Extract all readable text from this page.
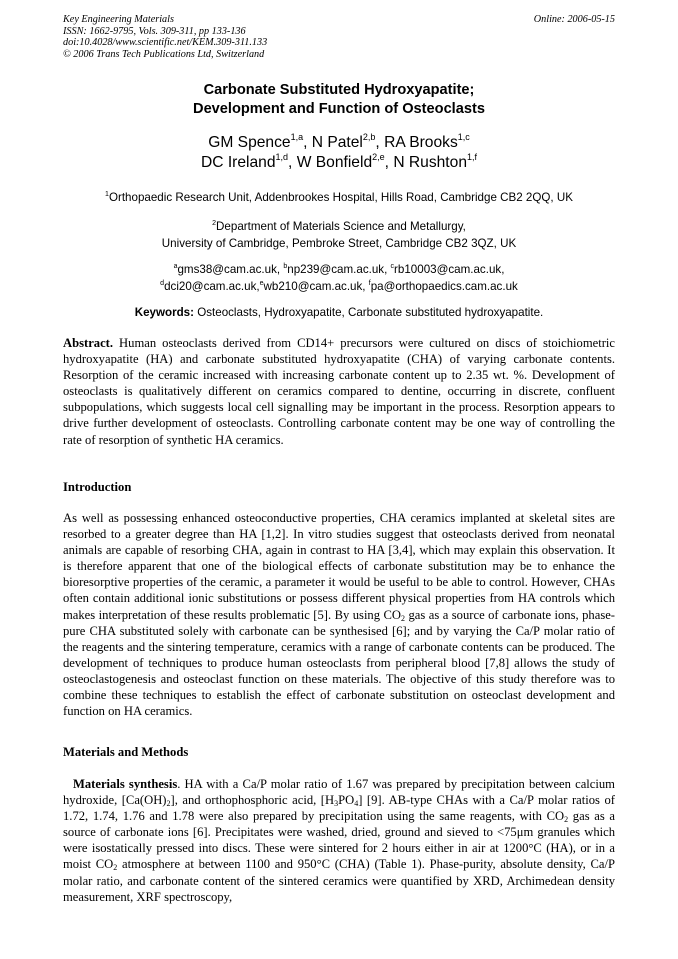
Key Engineering Materials
ISSN: 1662-9795, Vols. 309-311, pp 133-136
doi:10.4028/www.scientific.net/KEM.309-311.133
© 2006 Trans Tech Publications Ltd, Switzerland
Online: 2006-05-15
Carbonate Substituted Hydroxyapatite;
Development and Function of Osteoclasts
GM Spence$^{1,a}$, N Patel$^{2,b}$, RA Brooks$^{1,c}$
DC Ireland$^{1,d}$, W Bonfield$^{2,e}$, N Rushton$^{1,f}$
$^1$Orthopaedic Research Unit, Addenbrookes Hospital, Hills Road, Cambridge CB2 2QQ, UK
$^2$Department of Materials Science and Metallurgy,
University of Cambridge, Pembroke Street, Cambridge CB2 3QZ, UK
$^a$gms38@cam.ac.uk, $^b$np239@cam.ac.uk, $^c$rb10003@cam.ac.uk,
$^d$dci20@cam.ac.uk,$^e$wb210@cam.ac.uk, $^f$pa@orthopaedics.cam.ac.uk
Keywords: Osteoclasts, Hydroxyapatite, Carbonate substituted hydroxyapatite.
Abstract. Human osteoclasts derived from CD14+ precursors were cultured on discs of stoichiometric hydroxyapatite (HA) and carbonate substituted hydroxyapatite (CHA) of varying carbonate contents. Resorption of the ceramic increased with increasing carbonate content up to 2.35 wt. %. Development of osteoclasts is qualitatively different on ceramics compared to dentine, occurring in discrete, confluent subpopulations, which suggests local cell signalling may be important in the process. Resorption appears to drive further development of osteoclasts. Controlling carbonate content may be one way of controlling the rate of resorption of synthetic HA ceramics.
Introduction
As well as possessing enhanced osteoconductive properties, CHA ceramics implanted at skeletal sites are resorbed to a greater degree than HA [1,2]. In vitro studies suggest that osteoclasts derived from neonatal animals are capable of resorbing CHA, again in contrast to HA [3,4], which may explain this observation. It is therefore apparent that one of the biological effects of carbonate substitution may be to enhance the bioresorptive properties of the ceramic, a parameter it would be useful to be able to control. However, CHAs often contain additional ionic substitutions or possess different physical properties from HA controls which makes interpretation of these results problematic [5]. By using $CO_2$ gas as a source of carbonate ions, phase-pure CHA substituted solely with carbonate can be synthesised [6]; and by varying the Ca/P molar ratio of the reagents and the sintering temperature, ceramics with a range of carbonate contents can be produced. The development of techniques to produce human osteoclasts from peripheral blood [7,8] allows the study of osteoclastogenesis and osteoclast function on these materials. The objective of this study therefore was to combine these techniques to establish the effect of carbonate substitution on osteoclast development and function on HA ceramics.
Materials and Methods
Materials synthesis. HA with a Ca/P molar ratio of 1.67 was prepared by precipitation between calcium hydroxide, $[Ca(OH)_2]$, and orthophosphoric acid, $[H_3PO_4]$ [9]. AB-type CHAs with a Ca/P molar ratios of 1.72, 1.74, 1.76 and 1.78 were also prepared by precipitation using the same reagents, with $CO_2$ gas as a source of carbonate ions [6]. Precipitates were washed, dried, ground and sieved to <75μm granules which were isostatically pressed into discs. These were sintered for 2 hours either in air at 1200°C (HA), or in a moist $CO_2$ atmosphere at between 1100 and 950°C (CHA) (Table 1). Phase-purity, absolute density, Ca/P molar ratio, and carbonate content of the sintered ceramics were quantified by XRD, Archimedean density measurement, XRF spectroscopy,
